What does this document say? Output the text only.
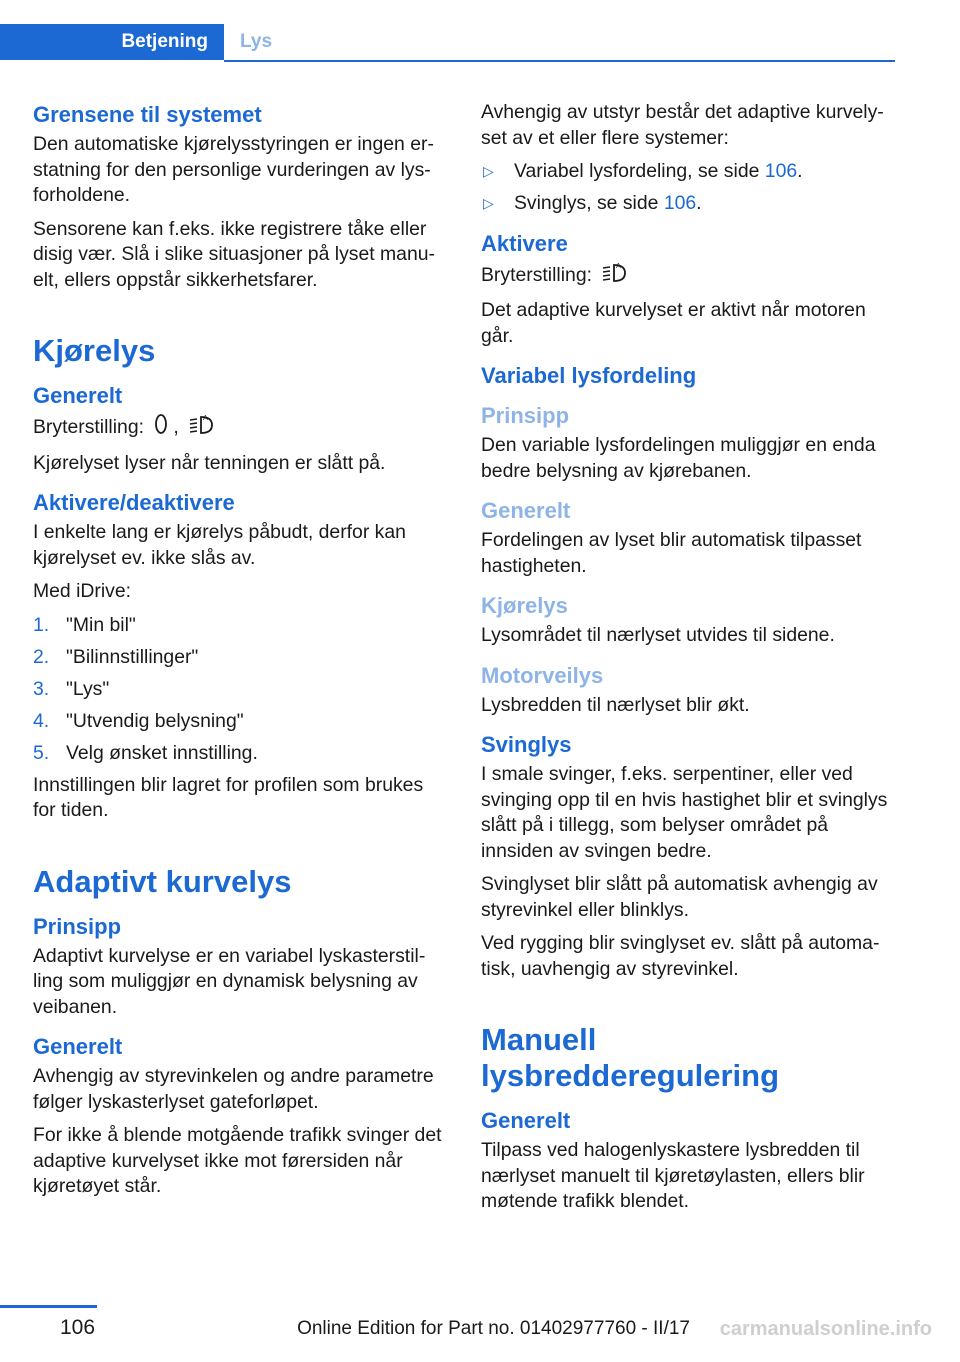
Betjening	Lys
Grensene til systemet

Den automatiske kjørelysstyringen er ingen erstatning for den personlige vurderingen av lysforholdene.

Sensorene kan f.eks. ikke registrere tåke eller disig vær. Slå i slike situasjoner på lyset manuelt, ellers oppstår sikkerhetsfarer.

Kjørelys
Generelt

Bryterstilling: ,	A

Kjørelyset lyser når tenningen er slått på.

Aktivere/deaktivere

I enkelte lang er kjørelys påbudt, derfor kan kjørelyset ev. ikke slås av.

Med iDrive:

1. "Min bil"
2. "Bilinnstillinger"
3. "Lys"
4. "Utvendig belysning"
5. Velg ønsket innstilling.

Innstillingen blir lagret for profilen som brukes for tiden.

Adaptivt kurvelys
Prinsipp

Adaptivt kurvelyse er en variabel lyskasterstilling som muliggjør en dynamisk belysning av veibanen.

Generelt

Avhengig av styrevinkelen og andre parametre følger lyskasterlyset gateforløpet.

For ikke å blende motgående trafikk svinger det adaptive kurvelyset ikke mot førersiden når kjøretøyet står.

Avhengig av utstyr består det adaptive kurvelyset av et eller flere systemer:

▷ Variabel lysfordeling, se side 106.
▷ Svinglys, se side 106.
Aktivere

Bryterstilling:	A

Det adaptive kurvelyset er aktivt når motoren går.

Variabel lysfordeling
Prinsipp

Den variable lysfordelingen muliggjør en enda bedre belysning av kjørebanen.

Generelt

Fordelingen av lyset blir automatisk tilpasset hastigheten.

Kjørelys

Lysområdet til nærlyset utvides til sidene.

Motorveilys

Lysbredden til nærlyset blir økt.

Svinglys

I smale svinger, f.eks. serpentiner, eller ved svinging opp til en hvis hastighet blir et svinglys slått på i tillegg, som belyser området på innsiden av svingen bedre.

Svinglyset blir slått på automatisk avhengig av styrevinkel eller blinklys.

Ved rygging blir svinglyset ev. slått på automatisk, uavhengig av styrevinkel.

Manuell lysbredderegulering
Generelt

Tilpass ved halogenlyskastere lysbredden til nærlyset manuelt til kjøretøylasten, ellers blir møtende trafikk blendet.

106	Online Edition for Part no. 01402977760 - II/17 carmanualsonline.info
